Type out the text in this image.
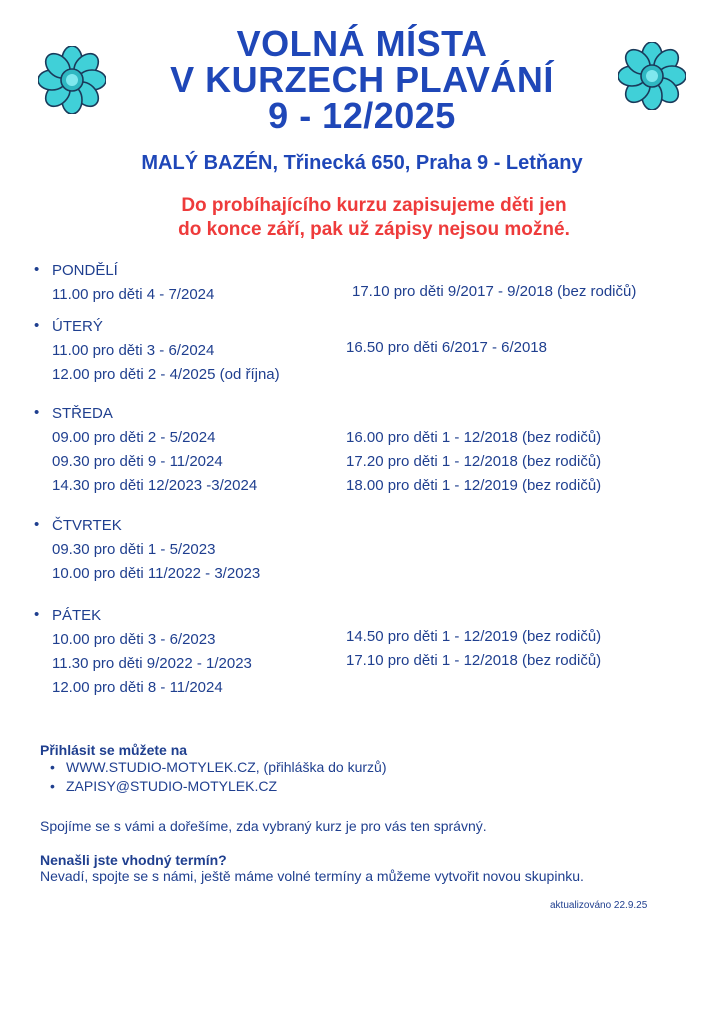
VOLNÁ MÍSTA
V KURZECH PLAVÁNÍ
9 - 12/2025
MALÝ BAZÉN, Třinecká 650, Praha 9 - Letňany
Do probíhajícího kurzu zapisujeme děti jen
do konce září, pak už zápisy nejsou možné.
• PONDĚLÍ
11.00 pro děti 4 - 7/2024	17.10 pro děti 9/2017 - 9/2018 (bez rodičů)
• ÚTERÝ
11.00 pro děti 3 - 6/2024
12.00 pro děti 2 - 4/2025 (od října)
16.50 pro děti 6/2017 - 6/2018
• STŘEDA
09.00 pro děti 2 - 5/2024
09.30 pro děti 9 - 11/2024
14.30 pro děti 12/2023 -3/2024
16.00 pro děti 1 - 12/2018 (bez rodičů)
17.20 pro děti 1 - 12/2018 (bez rodičů)
18.00 pro děti 1 - 12/2019 (bez rodičů)
• ČTVRTEK
09.30 pro děti 1 - 5/2023
10.00 pro děti 11/2022 - 3/2023
• PÁTEK
10.00 pro děti 3 - 6/2023
11.30 pro děti 9/2022 - 1/2023
12.00 pro děti 8 - 11/2024
14.50 pro děti 1 - 12/2019 (bez rodičů)
17.10 pro děti 1 - 12/2018 (bez rodičů)
Přihlásit se můžete na
• WWW.STUDIO-MOTYLEK.CZ, (přihláška do kurzů)
• ZAPISY@STUDIO-MOTYLEK.CZ
Spojíme se s vámi a dořešíme, zda vybraný kurz je pro vás ten správný.
Nenašli jste vhodný termín?
Nevadí, spojte se s námi, ještě máme volné termíny a můžeme vytvořit novou skupinku.
aktualizováno 22.9.25
